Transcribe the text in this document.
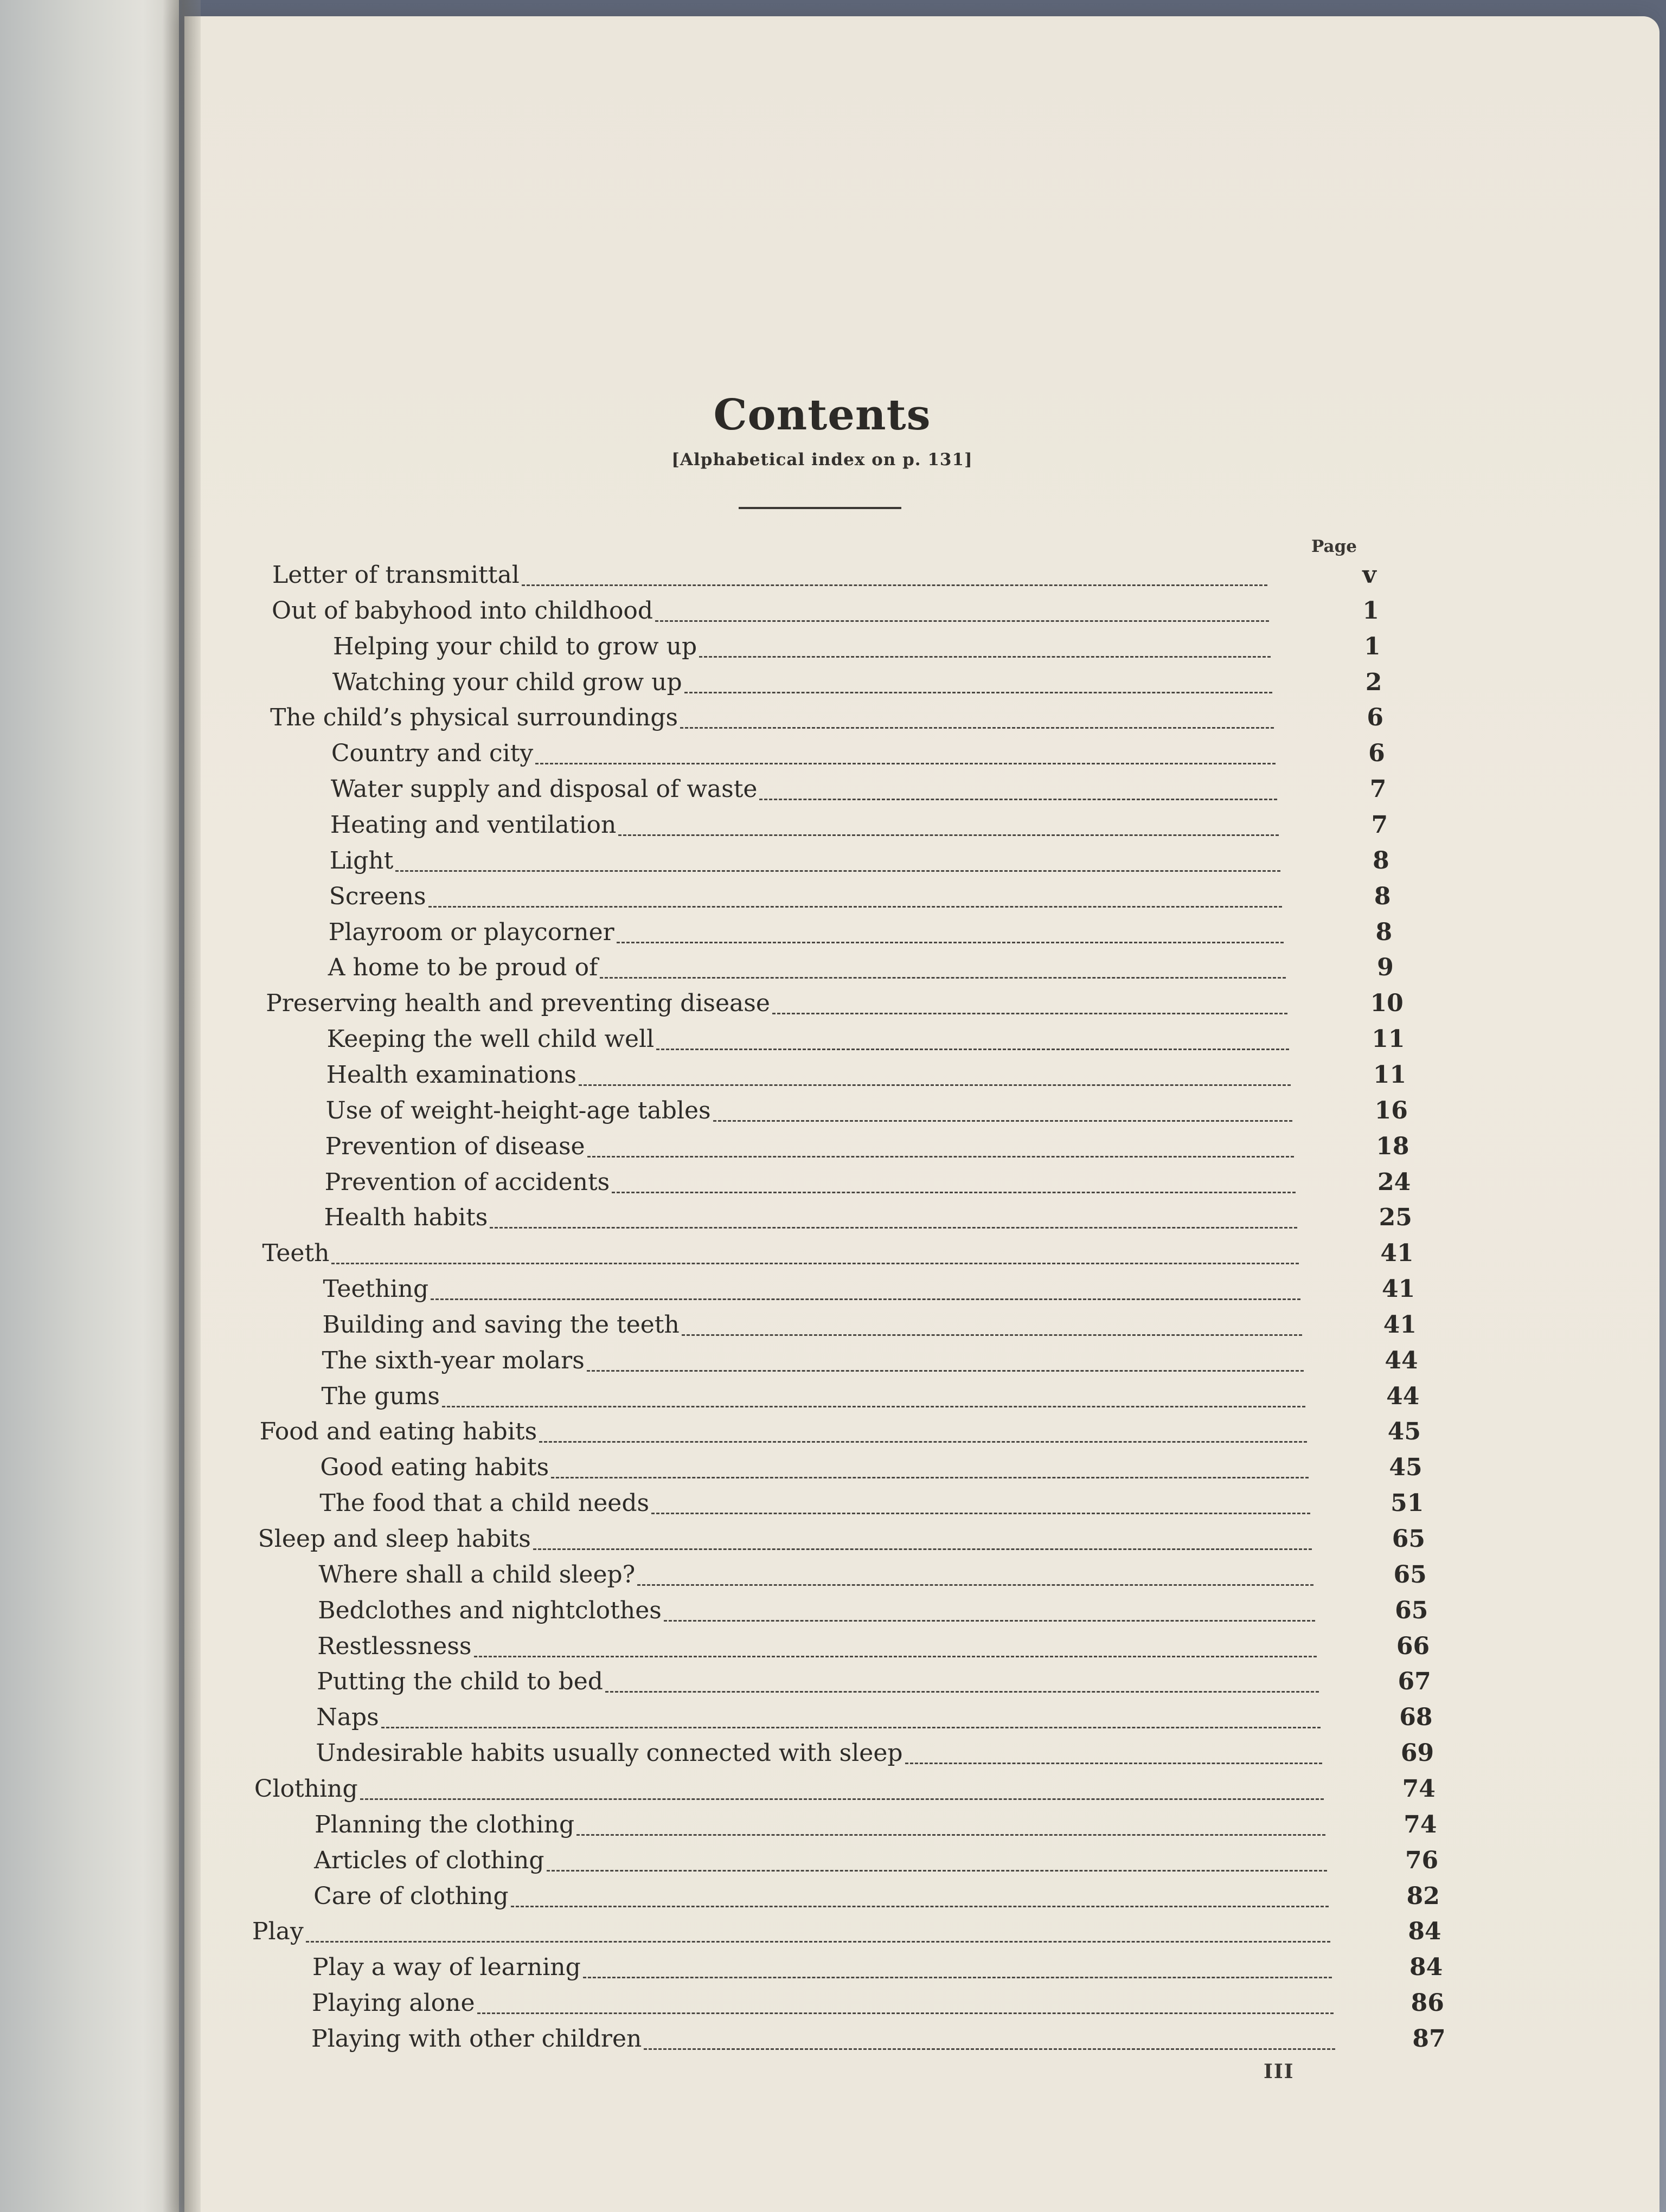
Contents
[Alphabetical index on p. 131]
Page
Letter of transmittal	v
Out of babyhood into childhood	1
Helping your child to grow up	1
Watching your child grow up	2
The child’s physical surroundings	6
Country and city	6
Water supply and disposal of waste	7
Heating and ventilation	7
Light	8
Screens	8
Playroom or playcorner	8
A home to be proud of	9
Preserving health and preventing disease	10
Keeping the well child well	11
Health examinations	11
Use of weight-height-age tables	16
Prevention of disease	18
Prevention of accidents	24
Health habits	25
Teeth	41
Teething	41
Building and saving the teeth	41
The sixth-year molars	44
The gums	44
Food and eating habits	45
Good eating habits	45
The food that a child needs	51
Sleep and sleep habits	65
Where shall a child sleep?	65
Bedclothes and nightclothes	65
Restlessness	66
Putting the child to bed	67
Naps	68
Undesirable habits usually connected with sleep	69
Clothing	74
Planning the clothing	74
Articles of clothing	76
Care of clothing	82
Play	84
Play a way of learning	84
Playing alone	86
Playing with other children	87
III
